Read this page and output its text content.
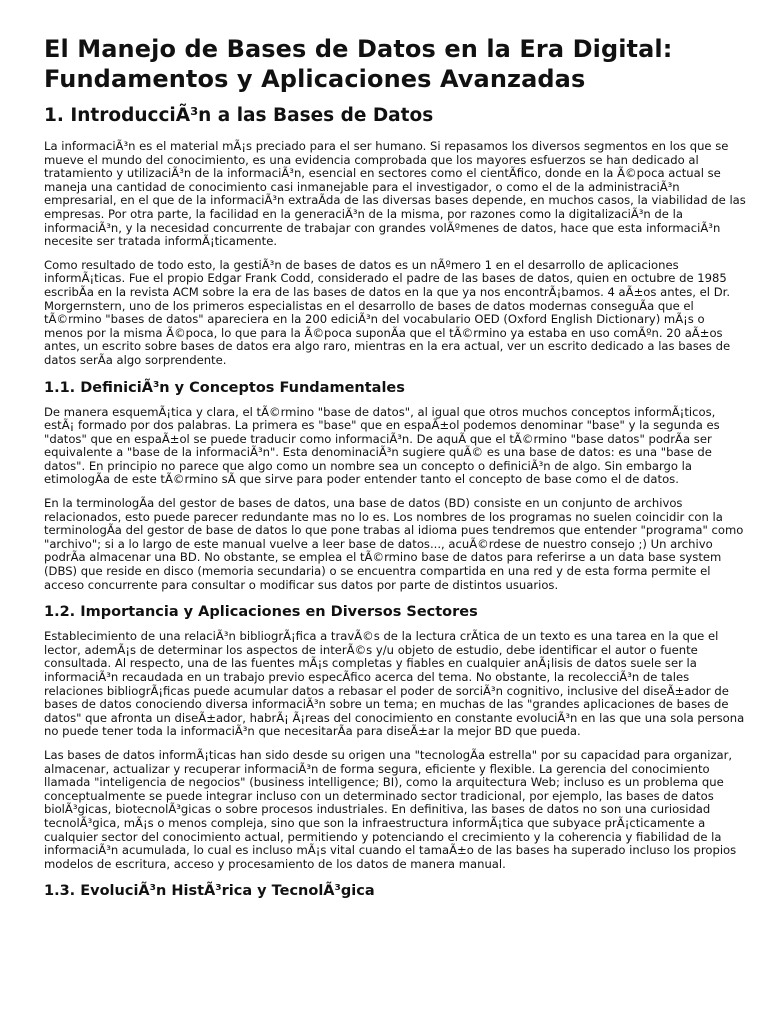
El Manejo de Bases de Datos en la Era Digital:
Fundamentos y Aplicaciones Avanzadas
1. IntroducciÃ³n a las Bases de Datos

La informaciÃ³n es el material mÃ¡s preciado para el ser humano. Si repasamos los diversos segmentos en los que se mueve el mundo del conocimiento, es una evidencia comprobada que los mayores esfuerzos se han dedicado al tratamiento y utilizaciÃ³n de la informaciÃ³n, esencial en sectores como el cientÃfico, donde en la Ã©poca actual se maneja una cantidad de conocimiento casi inmanejable para el investigador, o como el de la administraciÃ³n empresarial, en el que de la informaciÃ³n extraÃda de las diversas bases depende, en muchos casos, la viabilidad de las empresas. Por otra parte, la facilidad en la generaciÃ³n de la misma, por razones como la digitalizaciÃ³n de la informaciÃ³n, y la necesidad concurrente de trabajar con grandes volÃºmenes de datos, hace que esta informaciÃ³n necesite ser tratada informÃ¡ticamente.

Como resultado de todo esto, la gestiÃ³n de bases de datos es un nÃºmero 1 en el desarrollo de aplicaciones informÃ¡ticas. Fue el propio Edgar Frank Codd, considerado el padre de las bases de datos, quien en octubre de 1985 escribÃa en la revista ACM sobre la era de las bases de datos en la que ya nos encontrÃ¡bamos. 4 aÃ±os antes, el Dr. Morgernstern, uno de los primeros especialistas en el desarrollo de bases de datos modernas conseguÃa que el tÃ©rmino "bases de datos" apareciera en la 200 ediciÃ³n del vocabulario OED (Oxford English Dictionary) mÃ¡s o menos por la misma Ã©poca, lo que para la Ã©poca suponÃa que el tÃ©rmino ya estaba en uso comÃºn. 20 aÃ±os antes, un escrito sobre bases de datos era algo raro, mientras en la era actual, ver un escrito dedicado a las bases de datos serÃa algo sorprendente.

1.1. DefiniciÃ³n y Conceptos Fundamentales

De manera esquemÃ¡tica y clara, el tÃ©rmino "base de datos", al igual que otros muchos conceptos informÃ¡ticos, estÃ¡ formado por dos palabras. La primera es "base" que en espaÃ±ol podemos denominar "base" y la segunda es "datos" que en espaÃ±ol se puede traducir como informaciÃ³n. De aquÃ que el tÃ©rmino "base datos" podrÃa ser equivalente a "base de la informaciÃ³n". Esta denominaciÃ³n sugiere quÃ© es una base de datos: es una "base de datos". En principio no parece que algo como un nombre sea un concepto o definiciÃ³n de algo. Sin embargo la etimologÃa de este tÃ©rmino sÃ que sirve para poder entender tanto el concepto de base como el de datos.

En la terminologÃa del gestor de bases de datos, una base de datos (BD) consiste en un conjunto de archivos relacionados, esto puede parecer redundante mas no lo es. Los nombres de los programas no suelen coincidir con la terminologÃa del gestor de base de datos lo que pone trabas al idioma pues tendremos que entender "programa" como "archivo"; si a lo largo de este manual vuelve a leer base de datos..., acuÃ©rdese de nuestro consejo ;) Un archivo podrÃa almacenar una BD. No obstante, se emplea el tÃ©rmino base de datos para referirse a un data base system (DBS) que reside en disco (memoria secundaria) o se encuentra compartida en una red y de esta forma permite el acceso concurrente para consultar o modificar sus datos por parte de distintos usuarios.

1.2. Importancia y Aplicaciones en Diversos Sectores

Establecimiento de una relaciÃ³n bibliogrÃ¡fica a travÃ©s de la lectura crÃtica de un texto es una tarea en la que el lector, ademÃ¡s de determinar los aspectos de interÃ©s y/u objeto de estudio, debe identificar el autor o fuente consultada. Al respecto, una de las fuentes mÃ¡s completas y fiables en cualquier anÃ¡lisis de datos suele ser la informaciÃ³n recaudada en un trabajo previo especÃfico acerca del tema. No obstante, la recolecciÃ³n de tales relaciones bibliogrÃ¡ficas puede acumular datos a rebasar el poder de sorciÃ³n cognitivo, inclusive del diseÃ±ador de bases de datos conociendo diversa informaciÃ³n sobre un tema; en muchas de las "grandes aplicaciones de bases de datos" que afronta un diseÃ±ador, habrÃ¡ Ã¡reas del conocimiento en constante evoluciÃ³n en las que una sola persona no puede tener toda la informaciÃ³n que necesitarÃa para diseÃ±ar la mejor BD que pueda.

Las bases de datos informÃ¡ticas han sido desde su origen una "tecnologÃa estrella" por su capacidad para organizar, almacenar, actualizar y recuperar informaciÃ³n de forma segura, eficiente y flexible. La gerencia del conocimiento llamada "inteligencia de negocios" (business intelligence; BI), como la arquitectura Web; incluso es un problema que conceptualmente se puede integrar incluso con un determinado sector tradicional, por ejemplo, las bases de datos biolÃ³gicas, biotecnolÃ³gicas o sobre procesos industriales. En definitiva, las bases de datos no son una curiosidad tecnolÃ³gica, mÃ¡s o menos compleja, sino que son la infraestructura informÃ¡tica que subyace prÃ¡cticamente a cualquier sector del conocimiento actual, permitiendo y potenciando el crecimiento y la coherencia y fiabilidad de la informaciÃ³n acumulada, lo cual es incluso mÃ¡s vital cuando el tamaÃ±o de las bases ha superado incluso los propios modelos de escritura, acceso y procesamiento de los datos de manera manual.

1.3. EvoluciÃ³n HistÃ³rica y TecnolÃ³gica
